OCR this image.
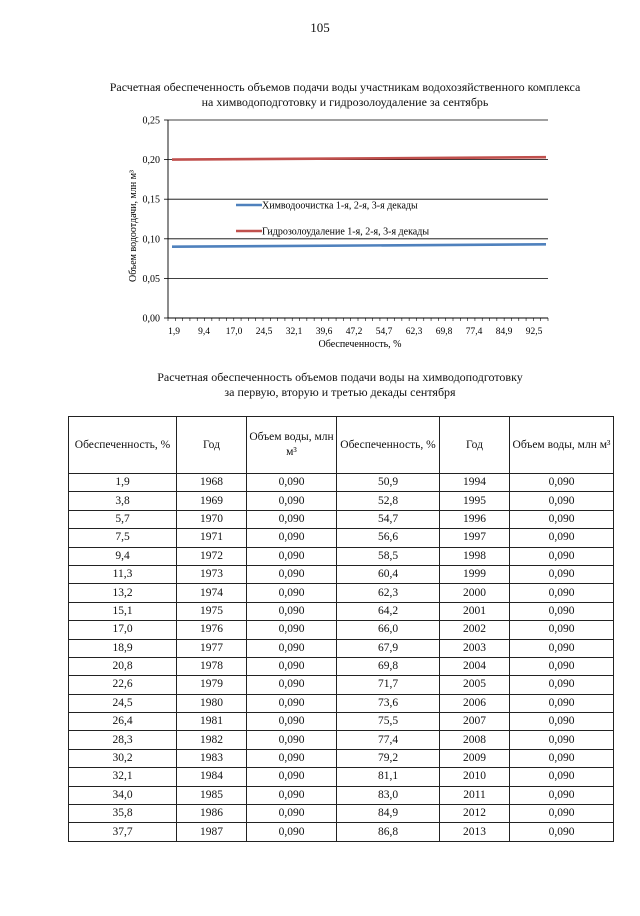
105
Расчетная обеспеченность объемов подачи воды участникам водохозяйственного комплекса
на химводоподготовку и гидрозолоудаление за сентябрь
0,00
0,05
0,10
0,15
0,20
0,25
1,9 9,4 17,0 24,5 32,1 39,6 47,2 54,7 62,3 69,8 77,4 84,9 92,5
Химводоочистка 1-я, 2-я, 3-я декады
Гидрозолоудаление 1-я, 2-я, 3-я декады
Обеспеченность, %
Объем водоотдачи, млн м³
Расчетная обеспеченность объемов подачи воды на химводоподготовку
за первую, вторую и третью декады сентября
Обеспеченность, %	Год	Объем воды, млн м³	Обеспеченность, %	Год	Объем воды, млн м³
1,9	1968	0,090	50,9	1994	0,090
3,8	1969	0,090	52,8	1995	0,090
5,7	1970	0,090	54,7	1996	0,090
7,5	1971	0,090	56,6	1997	0,090
9,4	1972	0,090	58,5	1998	0,090
11,3	1973	0,090	60,4	1999	0,090
13,2	1974	0,090	62,3	2000	0,090
15,1	1975	0,090	64,2	2001	0,090
17,0	1976	0,090	66,0	2002	0,090
18,9	1977	0,090	67,9	2003	0,090
20,8	1978	0,090	69,8	2004	0,090
22,6	1979	0,090	71,7	2005	0,090
24,5	1980	0,090	73,6	2006	0,090
26,4	1981	0,090	75,5	2007	0,090
28,3	1982	0,090	77,4	2008	0,090
30,2	1983	0,090	79,2	2009	0,090
32,1	1984	0,090	81,1	2010	0,090
34,0	1985	0,090	83,0	2011	0,090
35,8	1986	0,090	84,9	2012	0,090
37,7	1987	0,090	86,8	2013	0,090
